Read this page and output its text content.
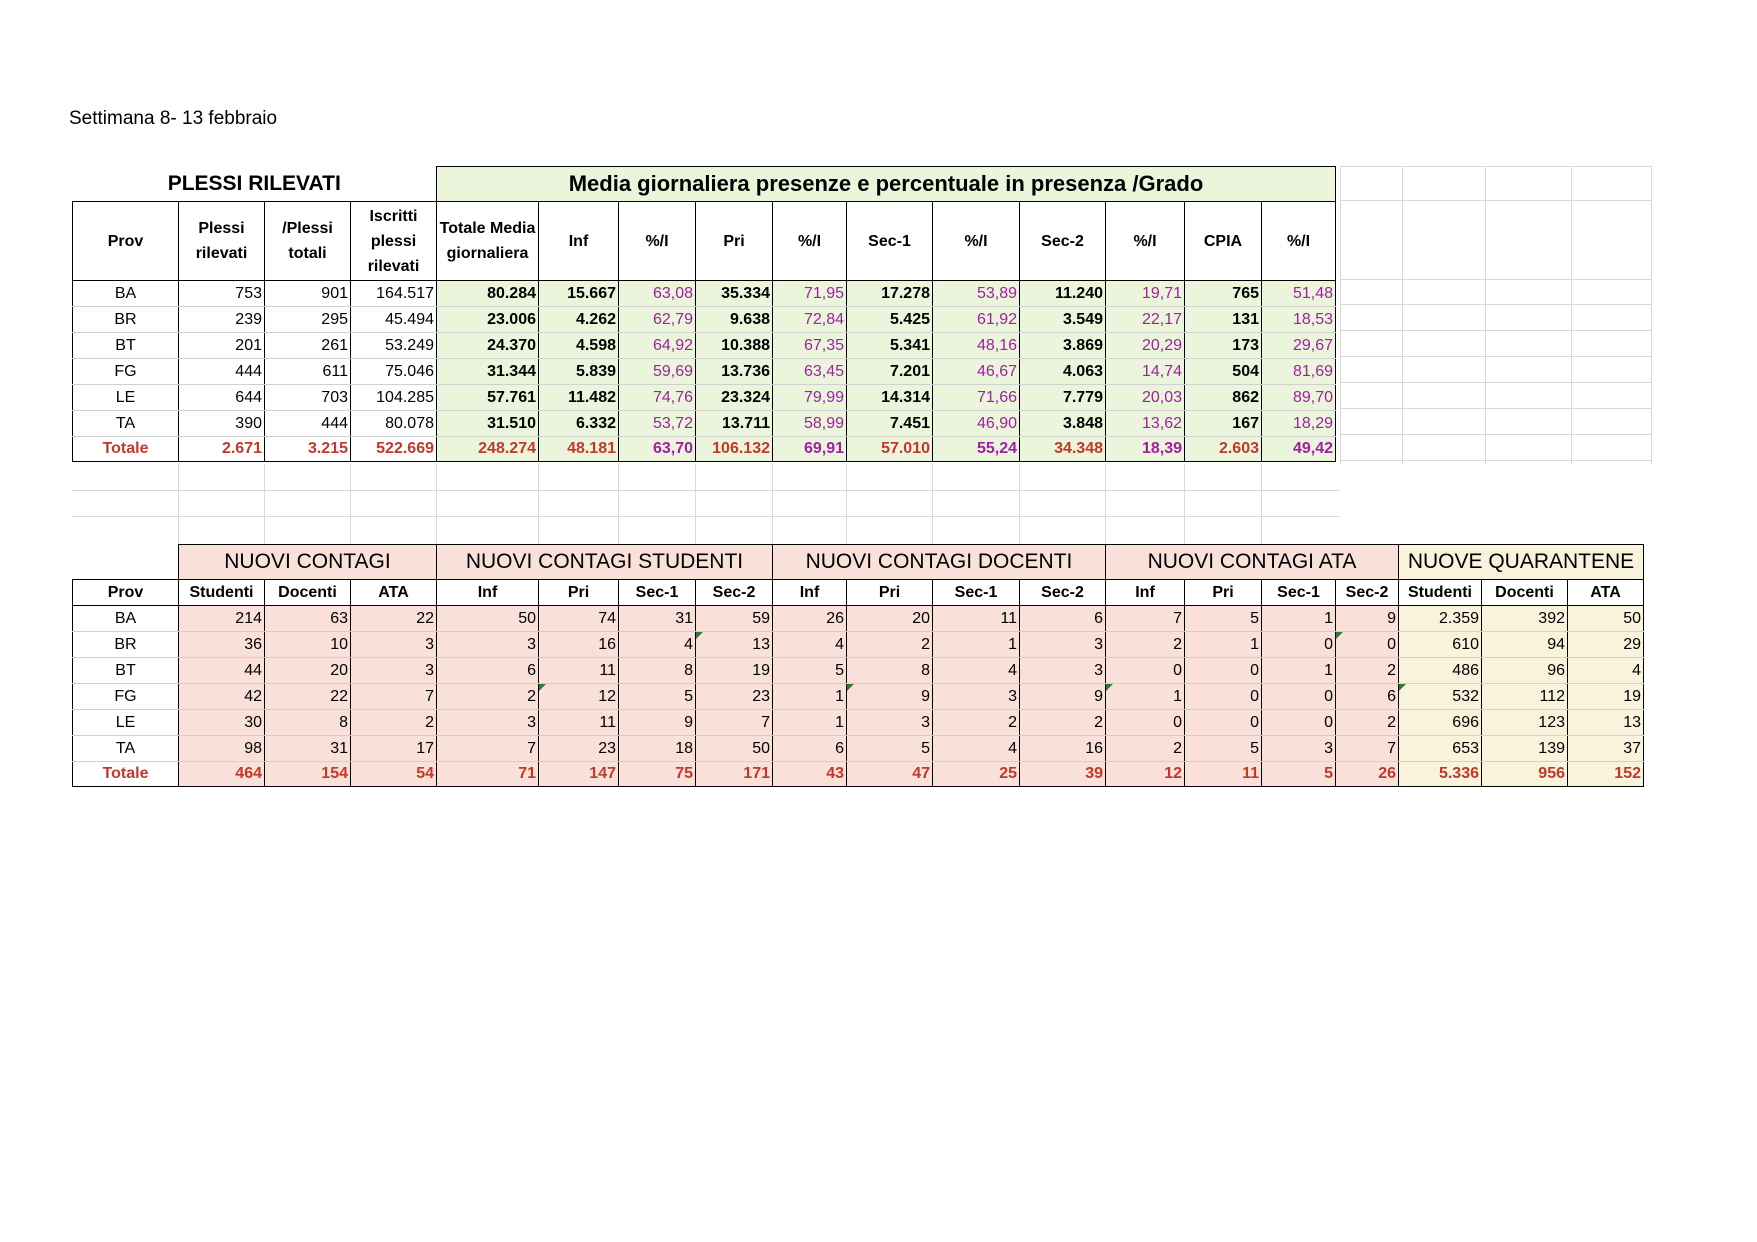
Settimana 8- 13 febbraio
PLESSI RILEVATI				Media giornaliera presenze e percentuale in presenza /Grado										
Prov	Plessi rilevati	/Plessi totali	Iscritti plessi rilevati	Totale Media giornaliera	Inf	%/I	Pri	%/I	Sec-1	%/I	Sec-2	%/I	CPIA	%/I
BA	753	901	164.517	80.284	15.667	63,08	35.334	71,95	17.278	53,89	11.240	19,71	765	51,48
BR	239	295	45.494	23.006	4.262	62,79	9.638	72,84	5.425	61,92	3.549	22,17	131	18,53
BT	201	261	53.249	24.370	4.598	64,92	10.388	67,35	5.341	48,16	3.869	20,29	173	29,67
FG	444	611	75.046	31.344	5.839	59,69	13.736	63,45	7.201	46,67	4.063	14,74	504	81,69
LE	644	703	104.285	57.761	11.482	74,76	23.324	79,99	14.314	71,66	7.779	20,03	862	89,70
TA	390	444	80.078	31.510	6.332	53,72	13.711	58,99	7.451	46,90	3.848	13,62	167	18,29
Totale	2.671	3.215	522.669	248.274	48.181	63,70	106.132	69,91	57.010	55,24	34.348	18,39	2.603	49,42
	NUOVI CONTAGI			NUOVI CONTAGI STUDENTI				NUOVI CONTAGI DOCENTI				NUOVI CONTAGI ATA				NUOVE QUARANTENE		
Prov	Studenti	Docenti	ATA	Inf	Pri	Sec-1	Sec-2	Inf	Pri	Sec-1	Sec-2	Inf	Pri	Sec-1	Sec-2	Studenti	Docenti	ATA
BA	214	63	22	50	74	31	59	26	20	11	6	7	5	1	9	2.359	392	50
BR	36	10	3	3	16	4	13	4	2	1	3	2	1	0	0	610	94	29
BT	44	20	3	6	11	8	19	5	8	4	3	0	0	1	2	486	96	4
FG	42	22	7	2	12	5	23	1	9	3	9	1	0	0	6	532	112	19
LE	30	8	2	3	11	9	7	1	3	2	2	0	0	0	2	696	123	13
TA	98	31	17	7	23	18	50	6	5	4	16	2	5	3	7	653	139	37
Totale	464	154	54	71	147	75	171	43	47	25	39	12	11	5	26	5.336	956	152
